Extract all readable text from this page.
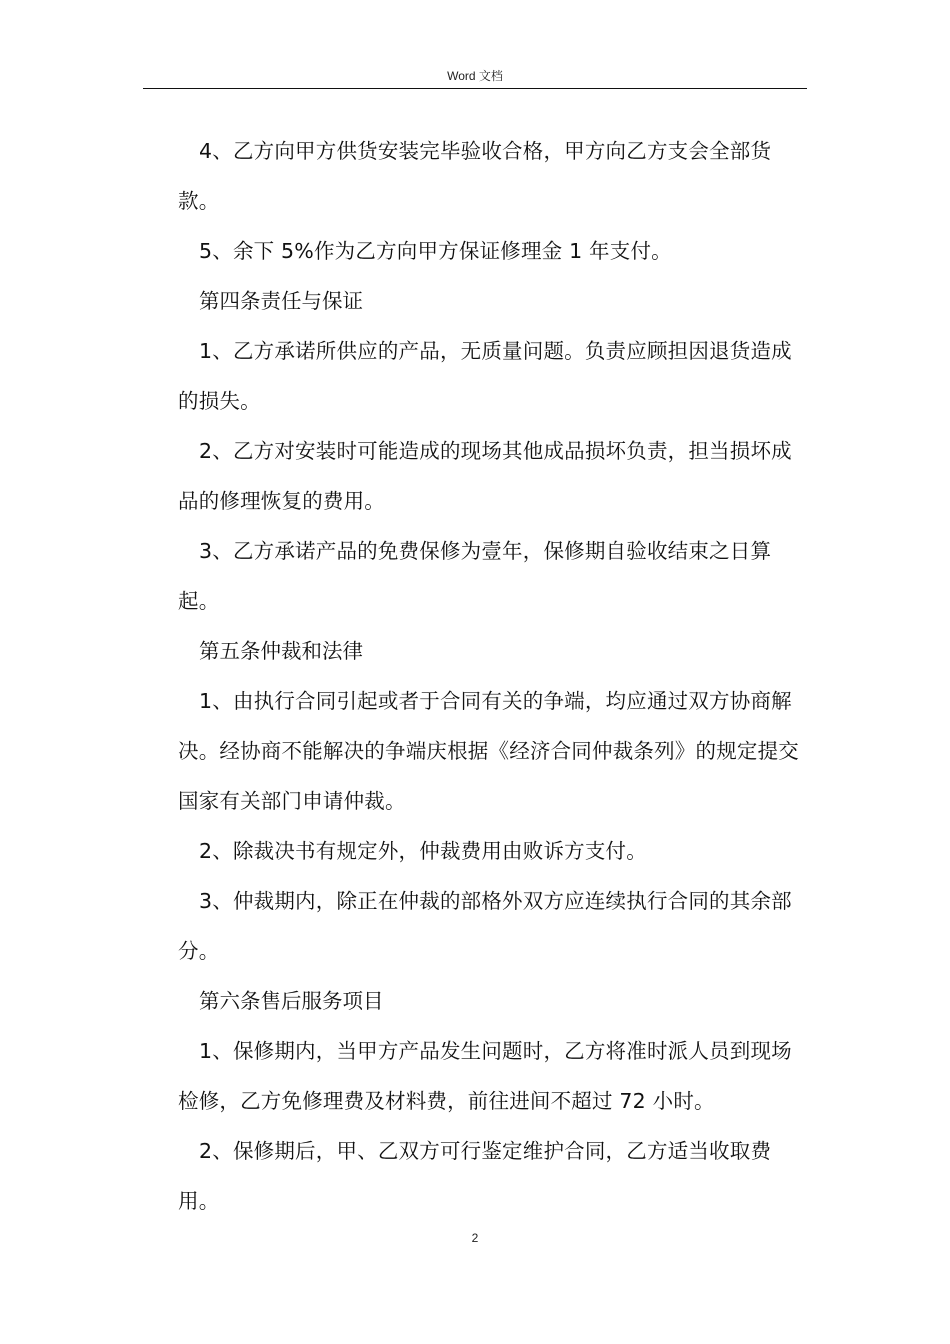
Word 文档

4、乙方向甲方供货安装完毕验收合格，甲方向乙方支会全部货款。

5、余下 5%作为乙方向甲方保证修理金 1 年支付。

第四条责任与保证

1、乙方承诺所供应的产品，无质量问题。负责应顾担因退货造成的损失。

2、乙方对安装时可能造成的现场其他成品损坏负责，担当损坏成品的修理恢复的费用。

3、乙方承诺产品的免费保修为壹年，保修期自验收结束之日算起。

第五条仲裁和法律

1、由执行合同引起或者于合同有关的争端，均应通过双方协商解决。经协商不能解决的争端庆根据《经济合同仲裁条列》的规定提交国家有关部门申请仲裁。

2、除裁决书有规定外，仲裁费用由败诉方支付。

3、仲裁期内，除正在仲裁的部格外双方应连续执行合同的其余部分。

第六条售后服务项目

1、保修期内，当甲方产品发生问题时，乙方将准时派人员到现场检修，乙方免修理费及材料费，前往进间不超过 72 小时。

2、保修期后，甲、乙双方可行鉴定维护合同，乙方适当收取费用。

2
